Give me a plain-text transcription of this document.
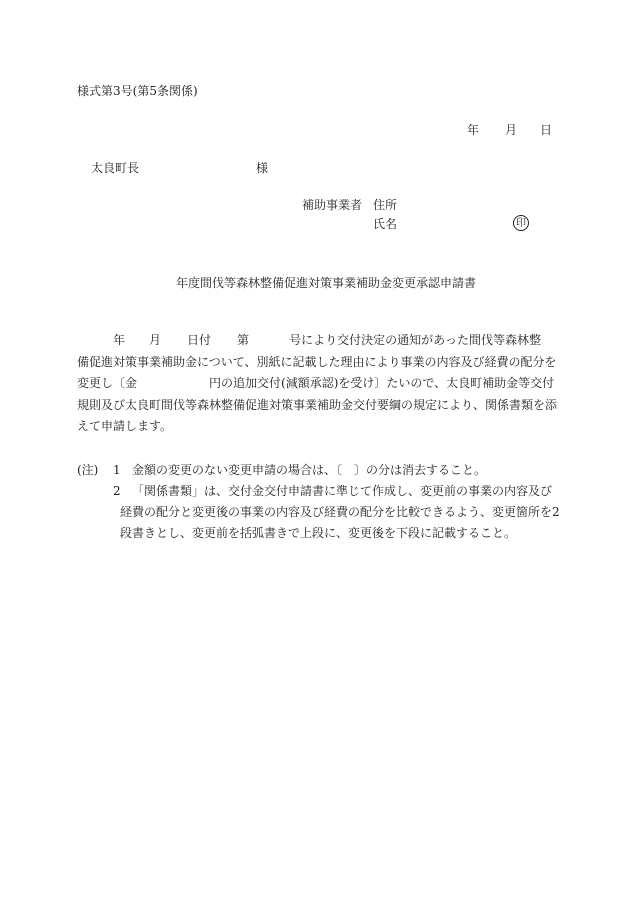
様式第3号(第5条関係)
年 月 日
太良町長	様
補助事業者 住所
氏名	印
年度間伐等森林整備促進対策事業補助金変更承認申請書
年 月 日付 第	号により交付決定の通知があった間伐等森林整
備促進対策事業補助金について、別紙に記載した理由により事業の内容及び経費の配分を
変更し〔金	円の追加交付(減額承認)を受け〕たいので、太良町補助金等交付
規則及び太良町間伐等森林整備促進対策事業補助金交付要綱の規定により、関係書類を添
えて申請します。
(注) 1 金額の変更のない変更申請の場合は、〔　〕の分は消去すること。
2 「関係書類」は、交付金交付申請書に準じて作成し、変更前の事業の内容及び
経費の配分と変更後の事業の内容及び経費の配分を比較できるよう、変更箇所を2
段書きとし、変更前を括弧書きで上段に、変更後を下段に記載すること。
